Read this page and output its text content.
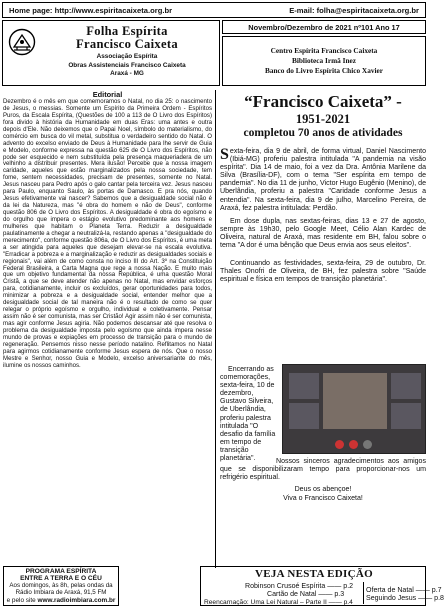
Home page: http://www.espiritacaixeta.org.br	E-mail: folha@espiritacaixeta.org.br
Folha Espírita
Francisco Caixeta
Associação Espírita
Obras Assistenciais Francisco Caixeta
Araxá - MG
Novembro/Dezembro de 2021 nº101 Ano 17
Centro Espírita Francisco Caixeta
Biblioteca Irmã Inez
Banco do Livro Espírita Chico Xavier
Editorial
Dezembro é o mês em que comemoramos o Natal, no dia 25: o nascimento de Jesus, o messias. Somente um Espírito da Primeira Ordem - Espíritos Puros, da Escala Espírita, (Questões de 100 a 113 de O Livro dos Espíritos) fora divido à história da Humanidade em duas Eras: uma antes e outra depois d'Ele. Não deixemos que o Papai Noel, símbolo do materialismo, do comércio em busca do vil metal, substitua o verdadeiro sentido do Natal. O advento do excelso enviado de Deus à Humanidade para lhe servir de Guia e Modelo, conforme expressa na questão 625 de O Livro dos Espíritos, não pode ser esquecido e nem substituída pela presença maqueriadera de um velhinho a distribuir presentes. Mera ilusão! Percebe que a nossa imagem caridade, aqueles que estão marginalizados pela nossa sociedade, tem fome, sentem necessidades, precisam de presentes, somente no Natal. Jesus nasceu para Pedro após o galo cantar pela terceira vez. Jesus nasceu para Paulo, enquanto Saulo, às portas de Damasco. E pra nós, quando Jesus efetivamente vai nascer? Sabemos que a desigualdade social não é da lei da Natureza, mas "é obra do homem e não de Deus", conforme questão 806 de O Livro dos Espíritos. A desigualdade é obra do egoísmo e do orgulho que impera o estágio evolutivo predominante aos homens e mulheres que habitam o Planeta Terra. Reduzir a desigualdade paulatinamente a chegar a neutralizá-la, restando apenas a "desigualdade do merecimento", conforme questão 806a, de O Livro dos Espíritos, é uma meta a ser atingida para aqueles que desejam elevar-se na escala evolutiva. "Erradicar a pobreza e a marginalização e reduzir as desigualdades sociais e regionais", vai além de como consta no inciso III do Art. 3º na Constituição Federal Brasileira, a Carta Magna que rege a nossa Nação. E muito mais que um objetivo fundamental da nossa República, é uma questão Moral Cristã, a que se deve atender não apenas no Natal, mas envidar esforços para, cotidianamente, incluir os excluídos, gerar oportunidades para todos, minimizar a pobreza e a desigualdade social, entender melhor que a desigualdade social de tal maneira não é o resultado de como se quer relegar o próprio egoísmo e orgulho, individual e coletivamente. Pensar assim não é ser comunista, mas ser Cristão! Agir assim não é ser comunista, mas agir conforme Jesus agiria. Não podemos descansar até que resolva o problema da desigualdade imposta pelo egoísmo que ainda impera nesse mundo de provas e expiações em processo de transição para o mundo de regeneração. Pensemos nisso nesse período natalino. Reflitamos no Natal para agirmos cotidianamente conforme Jesus espera de nós. Que o nosso Mestre e Senhor, nosso Guia e Modelo, excelso aniversariante do mês, ilumine os nossos caminhos.
“Francisco Caixeta” -
1951-2021
completou 70 anos de atividades
Sexta-feira, dia 9 de abril, de forma virtual, Daniel Nascimento (Ibiá-MG) proferiu palestra intitulada "A pandemia na visão espírita". Dia 14 de maio, foi a vez da Dra. Antônia Marilene da Silva (Brasília-DF), com o tema "Ser espírita em tempo de pandemia". No dia 11 de junho, Victor Hugo Eugênio (Menino), de Uberlândia, proferiu a palestra "Caridade conforme Jesus a entendia". Na sexta-feira, dia 9 de julho, Marcelino Pereira, de Araxá, fez palestra intitulada: Perdão.

Em dose dupla, nas sextas-feiras, dias 13 e 27 de agosto, sempre às 19h30, pelo Google Meet, Célio Alan Kardec de Oliveira, natural de Araxá, mas residente em BH, falou sobre o tema "A dor é uma bênção que Deus envia aos seus eleitos".

Continuando as festividades, sexta-feira, 29 de outubro, Dr. Thales Onofri de Oliveira, de BH, fez palestra sobre "Saúde espiritual e física em tempos de transição planetária".

Encerrando as comemorações, sexta-feira, 10 de dezembro, Gustavo Silveira, de Uberlândia, proferiu palestra intitulada "O desafio da família em tempo de transição planetária".	Nossos sinceros agradecimentos aos amigos que se disponibilizaram tempo para proporcionar-nos um refrigério espiritual.

Deus os abençoe!

Viva o Francisco Caixeta!

PROGRAMA ESPÍRITA
ENTRE A TERRA E O CÉU
Aos domingos, às 8h, pelas ondas da
Rádio Imbiara de Araxá, 91,5 FM
e pelo site www.radioimbiara.com.br
VEJA NESTA EDIÇÃO
Robinson Crusoé Espírita —— p.2
Cartão de Natal —— p.3
Reencarnação: Uma Lei Natural – Parte II —— p.4
Oferta de Natal —— p.7
Seguindo Jesus —— p.8
